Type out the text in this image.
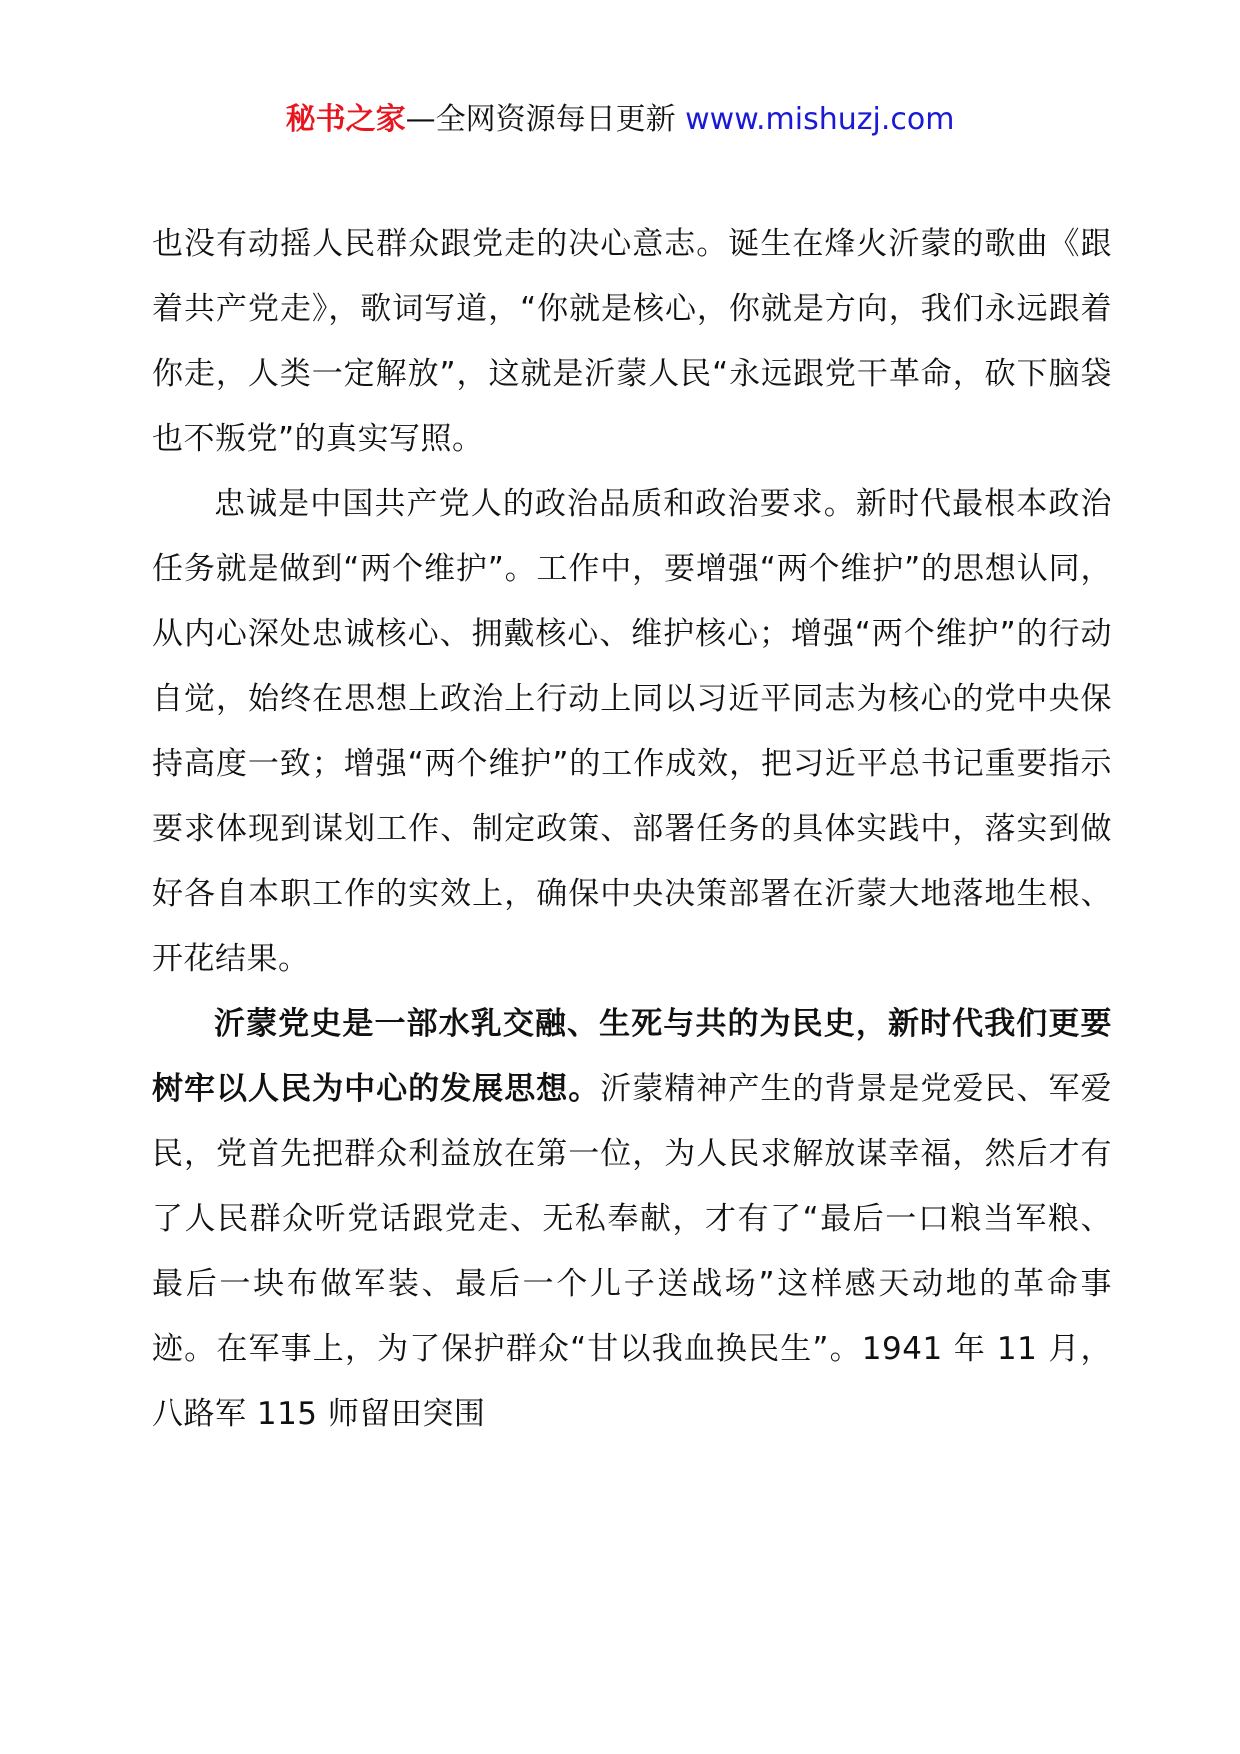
秘书之家—全网资源每日更新 www.mishuzj.com

也没有动摇人民群众跟党走的决心意志。诞生在烽火沂蒙的歌曲《跟着共产党走》，歌词写道，“你就是核心，你就是方向，我们永远跟着你走，人类一定解放”，这就是沂蒙人民“永远跟党干革命，砍下脑袋也不叛党”的真实写照。

忠诚是中国共产党人的政治品质和政治要求。新时代最根本政治任务就是做到“两个维护”。工作中，要增强“两个维护”的思想认同，从内心深处忠诚核心、拥戴核心、维护核心；增强“两个维护”的行动自觉，始终在思想上政治上行动上同以习近平同志为核心的党中央保持高度一致；增强“两个维护”的工作成效，把习近平总书记重要指示要求体现到谋划工作、制定政策、部署任务的具体实践中，落实到做好各自本职工作的实效上，确保中央决策部署在沂蒙大地落地生根、开花结果。

沂蒙党史是一部水乳交融、生死与共的为民史，新时代我们更要树牢以人民为中心的发展思想。沂蒙精神产生的背景是党爱民、军爱民，党首先把群众利益放在第一位，为人民求解放谋幸福，然后才有了人民群众听党话跟党走、无私奉献，才有了“最后一口粮当军粮、最后一块布做军装、最后一个儿子送战场”这样感天动地的革命事迹。在军事上，为了保护群众“甘以我血换民生”。1941 年 11 月，八路军 115 师留田突围
